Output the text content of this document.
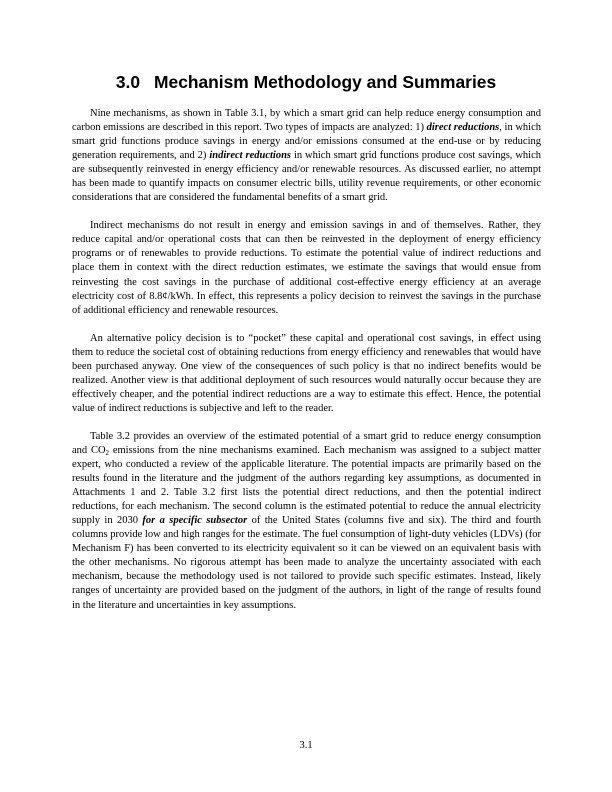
3.0 Mechanism Methodology and Summaries

Nine mechanisms, as shown in Table 3.1, by which a smart grid can help reduce energy consumption and carbon emissions are described in this report. Two types of impacts are analyzed: 1) direct reductions, in which smart grid functions produce savings in energy and/or emissions consumed at the end-use or by reducing generation requirements, and 2) indirect reductions in which smart grid functions produce cost savings, which are subsequently reinvested in energy efficiency and/or renewable resources. As discussed earlier, no attempt has been made to quantify impacts on consumer electric bills, utility revenue requirements, or other economic considerations that are considered the fundamental benefits of a smart grid.

Indirect mechanisms do not result in energy and emission savings in and of themselves. Rather, they reduce capital and/or operational costs that can then be reinvested in the deployment of energy efficiency programs or of renewables to provide reductions. To estimate the potential value of indirect reductions and place them in context with the direct reduction estimates, we estimate the savings that would ensue from reinvesting the cost savings in the purchase of additional cost-effective energy efficiency at an average electricity cost of 8.8¢/kWh. In effect, this represents a policy decision to reinvest the savings in the purchase of additional efficiency and renewable resources.

An alternative policy decision is to “pocket” these capital and operational cost savings, in effect using them to reduce the societal cost of obtaining reductions from energy efficiency and renewables that would have been purchased anyway. One view of the consequences of such policy is that no indirect benefits would be realized. Another view is that additional deployment of such resources would naturally occur because they are effectively cheaper, and the potential indirect reductions are a way to estimate this effect. Hence, the potential value of indirect reductions is subjective and left to the reader.

Table 3.2 provides an overview of the estimated potential of a smart grid to reduce energy consumption and $CO_2$ emissions from the nine mechanisms examined. Each mechanism was assigned to a subject matter expert, who conducted a review of the applicable literature. The potential impacts are primarily based on the results found in the literature and the judgment of the authors regarding key assumptions, as documented in Attachments 1 and 2. Table 3.2 first lists the potential direct reductions, and then the potential indirect reductions, for each mechanism. The second column is the estimated potential to reduce the annual electricity supply in 2030 for a specific subsector of the United States (columns five and six). The third and fourth columns provide low and high ranges for the estimate. The fuel consumption of light-duty vehicles (LDVs) (for Mechanism F) has been converted to its electricity equivalent so it can be viewed on an equivalent basis with the other mechanisms. No rigorous attempt has been made to analyze the uncertainty associated with each mechanism, because the methodology used is not tailored to provide such specific estimates. Instead, likely ranges of uncertainty are provided based on the judgment of the authors, in light of the range of results found in the literature and uncertainties in key assumptions.

3.1
